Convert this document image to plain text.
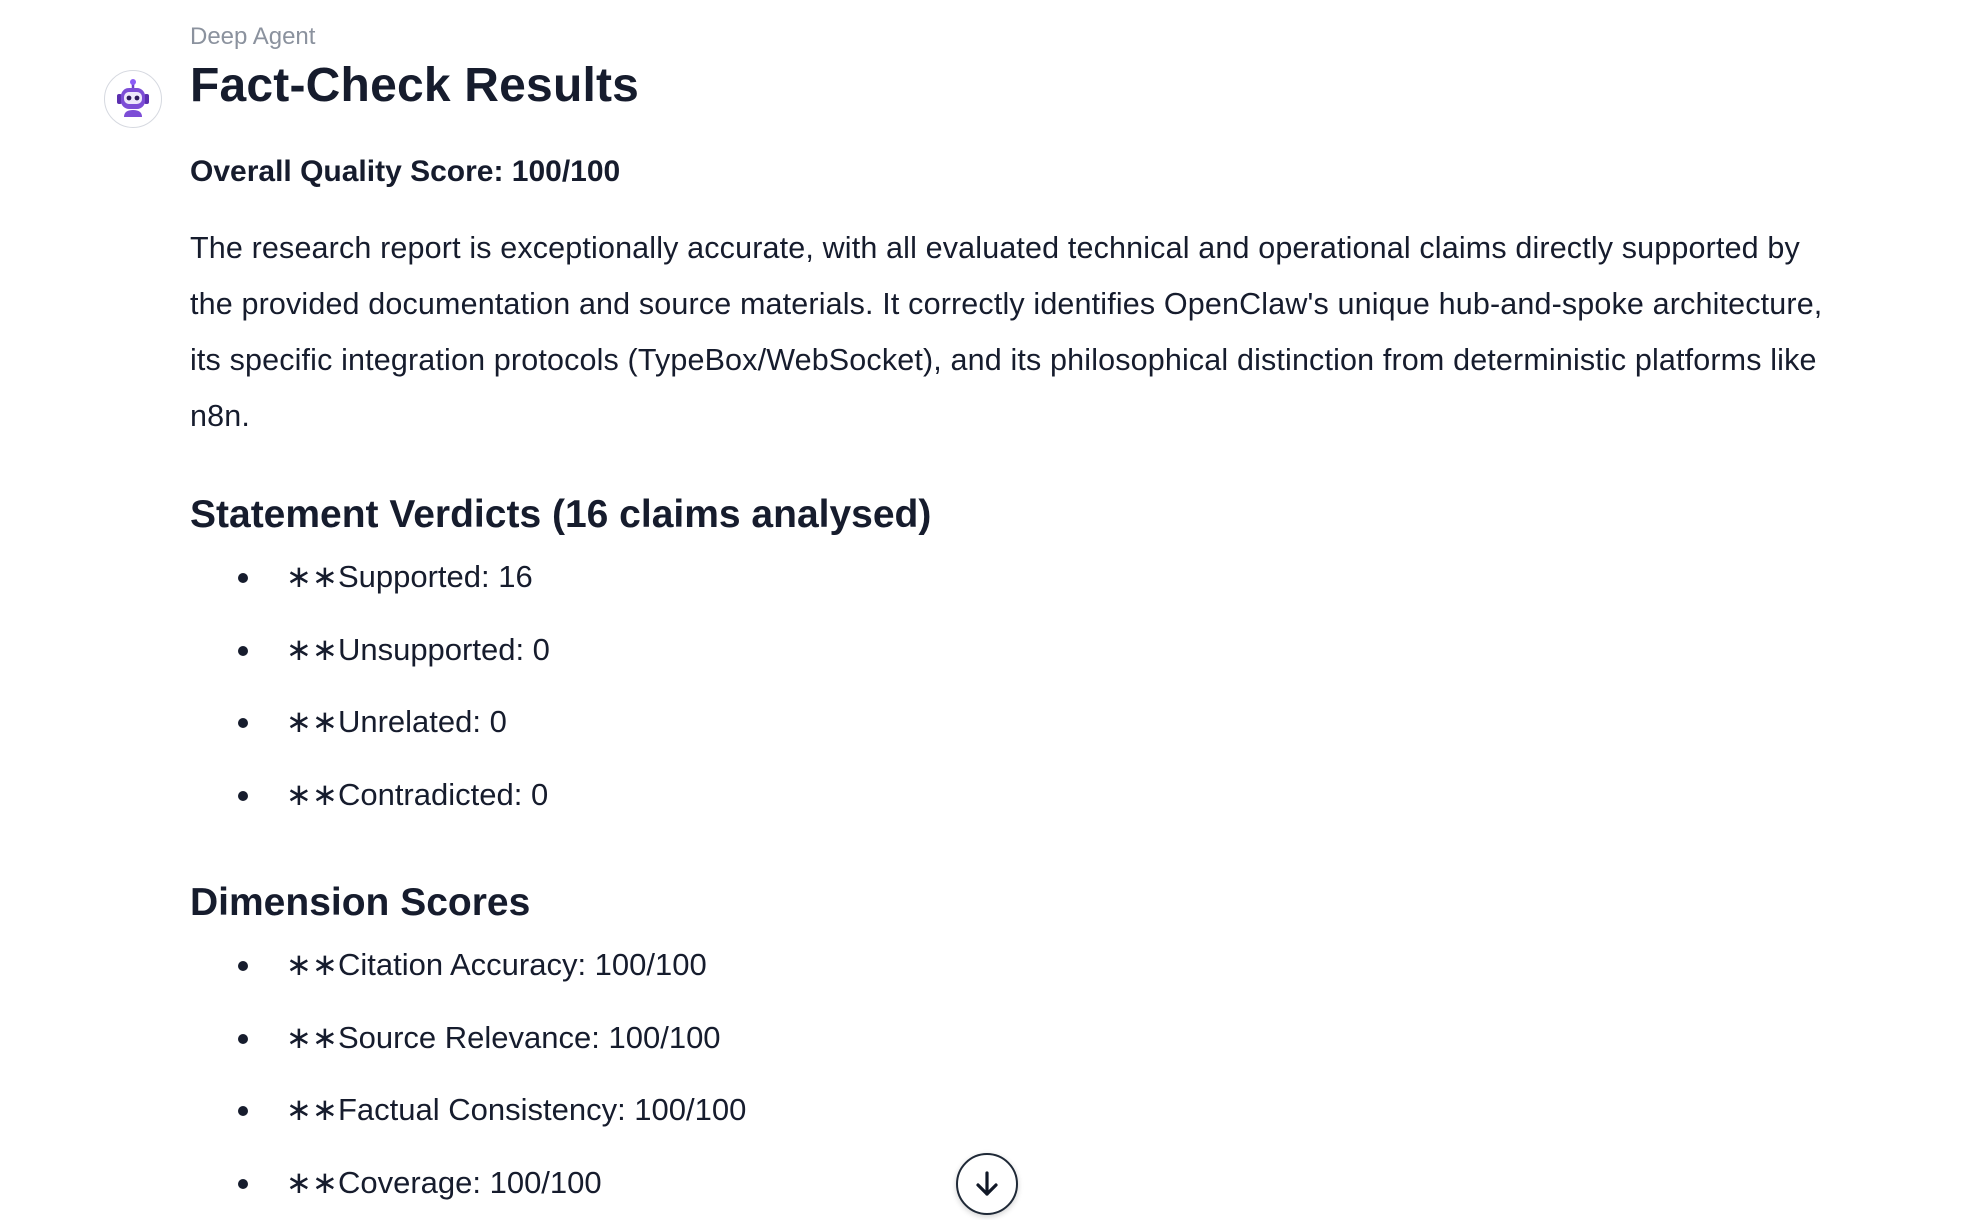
Deep Agent

Fact-Check Results

Overall Quality Score: 100/100

The research report is exceptionally accurate, with all evaluated technical and operational claims directly supported by the provided documentation and source materials. It correctly identifies OpenClaw's unique hub-and-spoke architecture, its specific integration protocols (TypeBox/WebSocket), and its philosophical distinction from deterministic platforms like n8n.

Statement Verdicts (16 claims analysed)
∗∗Supported: 16
∗∗Unsupported: 0
∗∗Unrelated: 0
∗∗Contradicted: 0
Dimension Scores
∗∗Citation Accuracy: 100/100
∗∗Source Relevance: 100/100
∗∗Factual Consistency: 100/100
∗∗Coverage: 100/100
